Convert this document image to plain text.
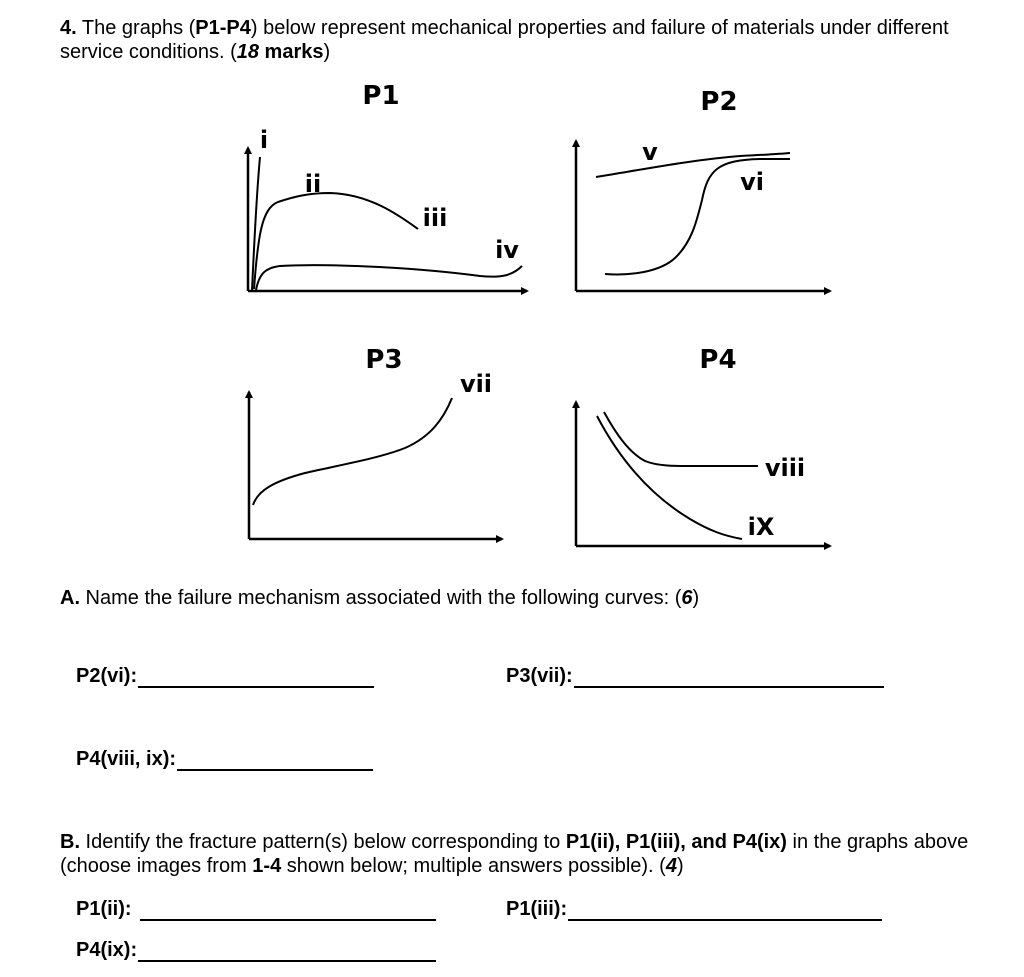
4. The graphs (P1-P4) below represent mechanical properties and failure of materials under different service conditions. (18 marks)
P1
i
ii
iii
iv
P2
v
vi
P3
vii
P4
viii
iX
A. Name the failure mechanism associated with the following curves: (6)
P2(vi):	P3(vii):
P4(viii, ix):
B. Identify the fracture pattern(s) below corresponding to P1(ii), P1(iii), and P4(ix) in the graphs above (choose images from 1-4 shown below; multiple answers possible). (4)
P1(ii):	P1(iii):
P4(ix):
